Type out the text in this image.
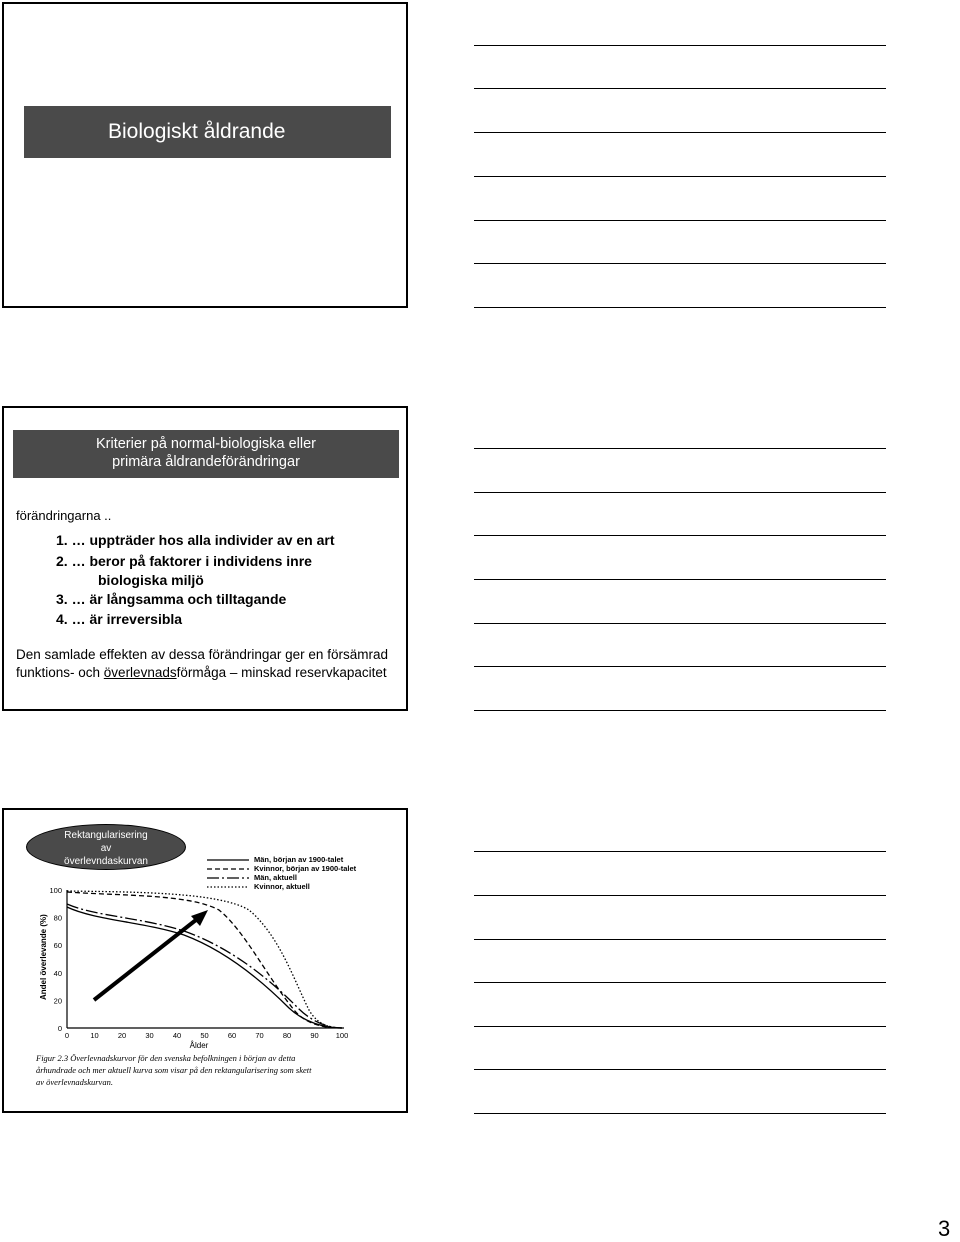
Biologiskt åldrande
Kriterier på normal-biologiska eller
primära åldrandeförändringar
förändringarna ..
1. … uppträder hos alla individer av en art
2. … beror på faktorer i individens inre
biologiska miljö
3. … är långsamma och tilltagande
4. … är irreversibla
Den samlade effekten av dessa förändringar ger en försämrad
funktions- och överlevnadsförmåga – minskad reservkapacitet
Män, början av 1900-talet
Kvinnor, början av 1900-talet
Män, aktuell
Kvinnor, aktuell
100
80
60
40
20
0
0	10	20	30	40	50	60	70	80	90 100
Andel överlevande (%)
Ålder
Rektangularisering
av
överlevndaskurvan
Figur 2.3 Överlevnadskurvor för den svenska befolkningen i början av detta
århundrade och mer aktuell kurva som visar på den rektangularisering som skett
av överlevnadskurvan.
3
